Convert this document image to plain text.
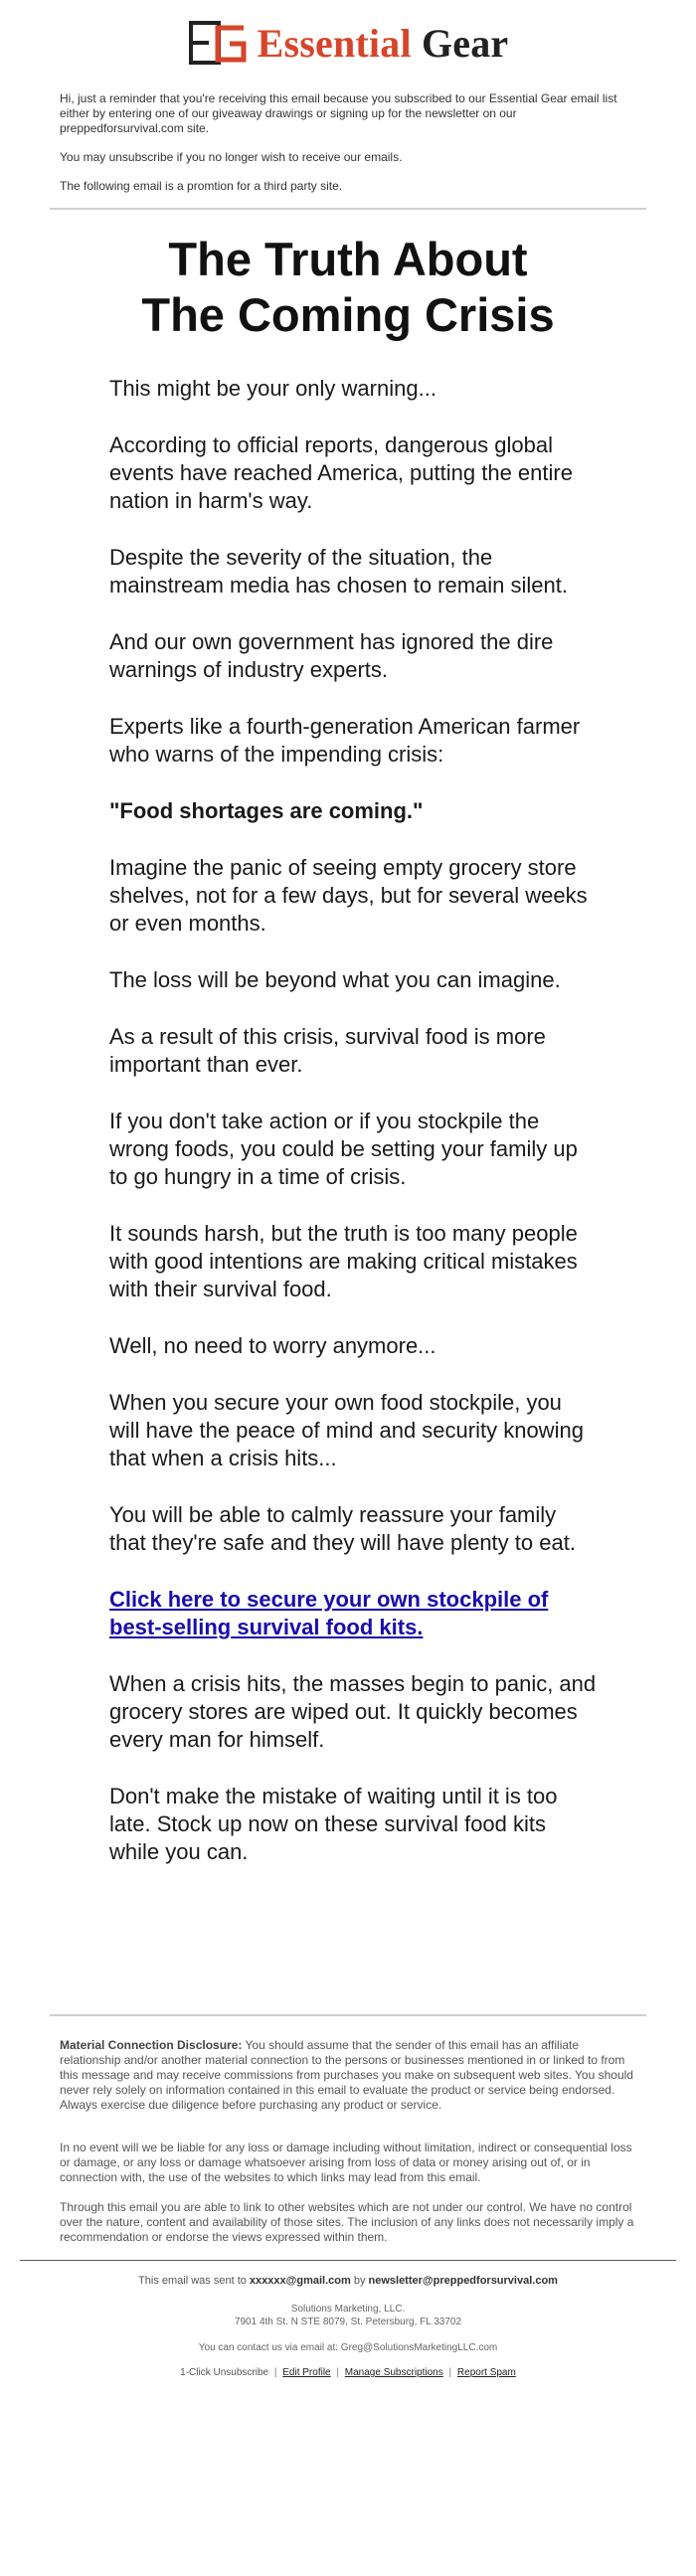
Essential Gear

Hi, just a reminder that you're receiving this email because you subscribed to our Essential Gear email list either by entering one of our giveaway drawings or signing up for the newsletter on our preppedforsurvival.com site.

You may unsubscribe if you no longer wish to receive our emails.

The following email is a promtion for a third party site.

The Truth About
The Coming Crisis

This might be your only warning...

According to official reports, dangerous global events have reached America, putting the entire nation in harm's way.

Despite the severity of the situation, the mainstream media has chosen to remain silent.

And our own government has ignored the dire warnings of industry experts.

Experts like a fourth-generation American farmer who warns of the impending crisis:

"Food shortages are coming."

Imagine the panic of seeing empty grocery store shelves, not for a few days, but for several weeks or even months.

The loss will be beyond what you can imagine.

As a result of this crisis, survival food is more important than ever.

If you don't take action or if you stockpile the wrong foods, you could be setting your family up to go hungry in a time of crisis.

It sounds harsh, but the truth is too many people with good intentions are making critical mistakes with their survival food.

Well, no need to worry anymore...

When you secure your own food stockpile, you will have the peace of mind and security knowing that when a crisis hits...

You will be able to calmly reassure your family that they're safe and they will have plenty to eat.

Click here to secure your own stockpile of best-selling survival food kits.

When a crisis hits, the masses begin to panic, and grocery stores are wiped out. It quickly becomes every man for himself.

Don't make the mistake of waiting until it is too late. Stock up now on these survival food kits while you can.

Material Connection Disclosure: You should assume that the sender of this email has an affiliate relationship and/or another material connection to the persons or businesses mentioned in or linked to from this message and may receive commissions from purchases you make on subsequent web sites. You should never rely solely on information contained in this email to evaluate the product or service being endorsed. Always exercise due diligence before purchasing any product or service.

In no event will we be liable for any loss or damage including without limitation, indirect or consequential loss or damage, or any loss or damage whatsoever arising from loss of data or money arising out of, or in connection with, the use of the websites to which links may lead from this email.

Through this email you are able to link to other websites which are not under our control. We have no control over the nature, content and availability of those sites. The inclusion of any links does not necessarily imply a recommendation or endorse the views expressed within them.

This email was sent to xxxxxx@gmail.com by newsletter@preppedforsurvival.com
Solutions Marketing, LLC.
7901 4th St. N STE 8079, St. Petersburg, FL 33702
You can contact us via email at: Greg@SolutionsMarketingLLC.com
1-Click Unsubscribe | Edit Profile | Manage Subscriptions | Report Spam
